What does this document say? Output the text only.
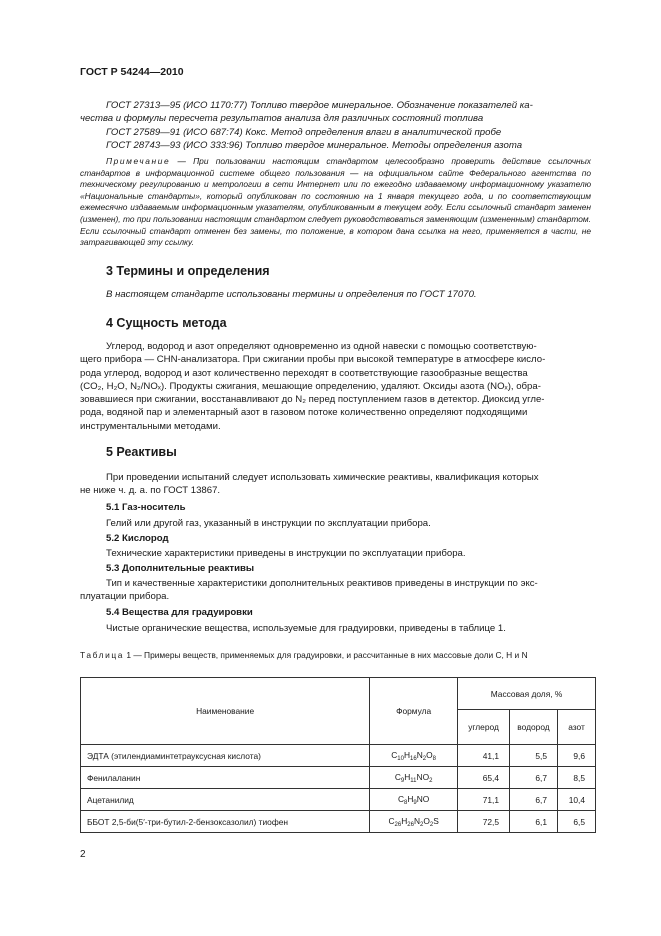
ГОСТ Р 54244—2010
ГОСТ 27313—95 (ИСО 1170:77) Топливо твердое минеральное. Обозначение показателей ка-
чества и формулы пересчета результатов анализа для различных состояний топлива
ГОСТ 27589—91 (ИСО 687:74) Кокс. Метод определения влаги в аналитической пробе
ГОСТ 28743—93 (ИСО 333:96) Топливо твердое минеральное. Методы определения азота
Примечание — При пользовании настоящим стандартом целесообразно проверить действие ссылочных стандартов в информационной системе общего пользования — на официальном сайте Федерального агентства по техническому регулированию и метрологии в сети Интернет или по ежегодно издаваемому информационному указателю «Национальные стандарты», который опубликован по состоянию на 1 января текущего года, и по соответствующим ежемесячно издаваемым информационным указателям, опубликованным в текущем году. Если ссылочный стандарт заменен (изменен), то при пользовании настоящим стандартом следует руководствоваться заменяющим (измененным) стандартом. Если ссылочный стандарт отменен без замены, то положение, в котором дана ссылка на него, применяется в части, не затрагивающей эту ссылку.
3 Термины и определения
В настоящем стандарте использованы термины и определения по ГОСТ 17070.
4 Сущность метода
Углерод, водород и азот определяют одновременно из одной навески с помощью соответствую-
щего прибора — CHN-анализатора. При сжигании пробы при высокой температуре в атмосфере кисло-
рода углерод, водород и азот количественно переходят в соответствующие газообразные вещества
(CO₂, H₂O, N₂/NOₓ). Продукты сжигания, мешающие определению, удаляют. Оксиды азота (NOₓ), обра-
зовавшиеся при сжигании, восстанавливают до N₂ перед поступлением газов в детектор. Диоксид угле-
рода, водяной пар и элементарный азот в газовом потоке количественно определяют подходящими
инструментальными методами.
5 Реактивы
При проведении испытаний следует использовать химические реактивы, квалификация которых
не ниже ч. д. а. по ГОСТ 13867.
5.1 Газ-носитель
Гелий или другой газ, указанный в инструкции по эксплуатации прибора.
5.2 Кислород
Технические характеристики приведены в инструкции по эксплуатации прибора.
5.3 Дополнительные реактивы
Тип и качественные характеристики дополнительных реактивов приведены в инструкции по экс-
плуатации прибора.
5.4 Вещества для градуировки
Чистые органические вещества, используемые для градуировки, приведены в таблице 1.
Таблица 1 — Примеры веществ, применяемых для градуировки, и рассчитанные в них массовые доли C, H и N
Наименование	Формула	Массовая доля, %		
		углерод	водород	азот
ЭДТА (этилендиаминтетрауксусная кислота)	$C_{10}H_{16}N_2O_8$	41,1	5,5	9,6
Фенилаланин	$C_9H_{11}NO_2$	65,4	6,7	8,5
Ацетанилид	$C_8H_9NO$	71,1	6,7	10,4
ББОТ 2,5-би(5′-три-бутил-2-бензоксазолил) тиофен	$C_{26}H_{26}N_2O_2S$	72,5	6,1	6,5
2
